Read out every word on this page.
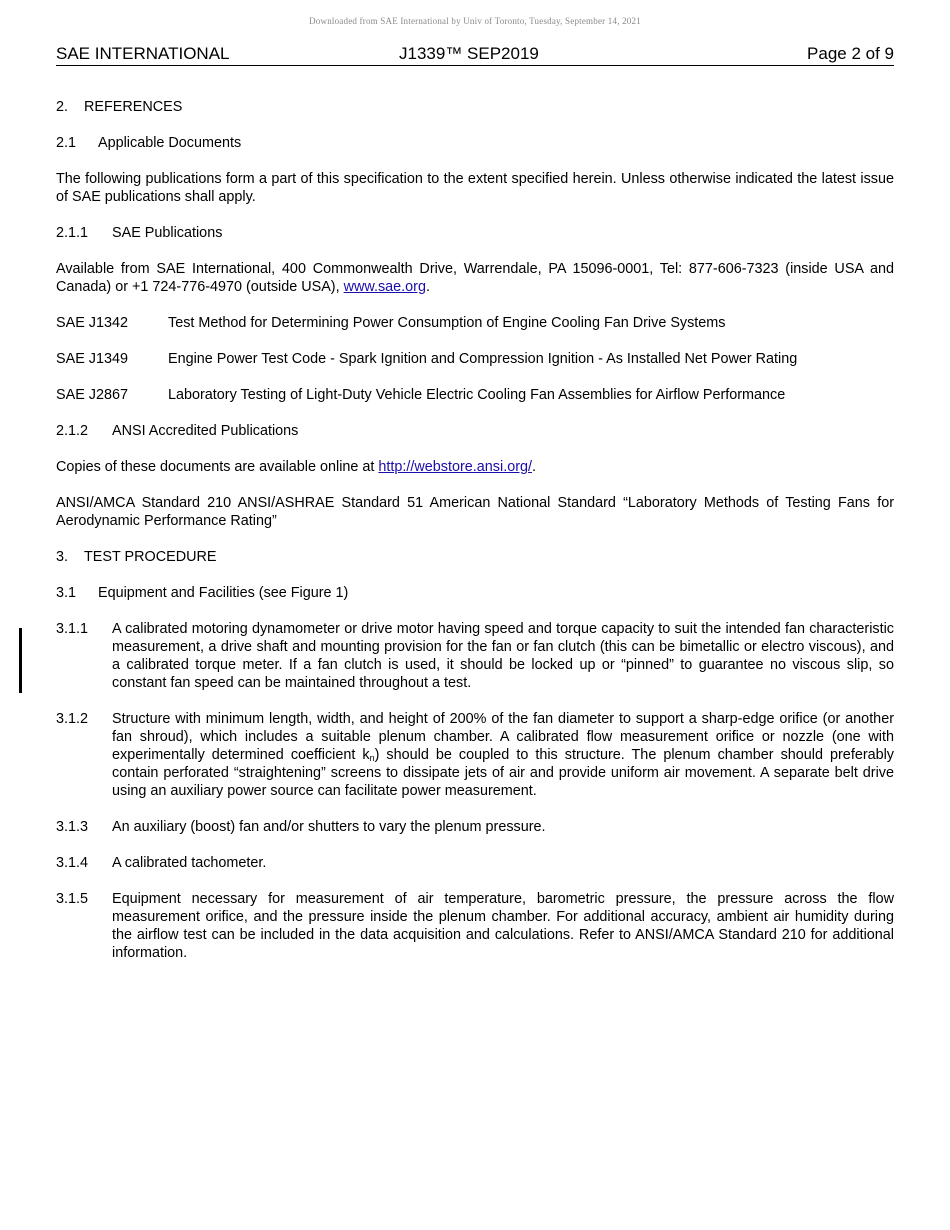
Downloaded from SAE International by Univ of Toronto, Tuesday, September 14, 2021
SAE INTERNATIONAL	J1339™ SEP2019	Page 2 of 9

2. REFERENCES

2.1 Applicable Documents

The following publications form a part of this specification to the extent specified herein. Unless otherwise indicated the latest issue of SAE publications shall apply.

2.1.1 SAE Publications

Available from SAE International, 400 Commonwealth Drive, Warrendale, PA 15096-0001, Tel: 877-606-7323 (inside USA and Canada) or +1 724-776-4970 (outside USA), www.sae.org.

SAE J1342	Test Method for Determining Power Consumption of Engine Cooling Fan Drive Systems
SAE J1349	Engine Power Test Code - Spark Ignition and Compression Ignition - As Installed Net Power Rating
SAE J2867	Laboratory Testing of Light-Duty Vehicle Electric Cooling Fan Assemblies for Airflow Performance

2.1.2 ANSI Accredited Publications

Copies of these documents are available online at http://webstore.ansi.org/.

ANSI/AMCA Standard 210 ANSI/ASHRAE Standard 51 American National Standard “Laboratory Methods of Testing Fans for Aerodynamic Performance Rating”

3. TEST PROCEDURE

3.1 Equipment and Facilities (see Figure 1)

3.1.1	A calibrated motoring dynamometer or drive motor having speed and torque capacity to suit the intended fan characteristic measurement, a drive shaft and mounting provision for the fan or fan clutch (this can be bimetallic or electro viscous), and a calibrated torque meter. If a fan clutch is used, it should be locked up or “pinned” to guarantee no viscous slip, so constant fan speed can be maintained throughout a test.
3.1.2	Structure with minimum length, width, and height of 200% of the fan diameter to support a sharp-edge orifice (or another fan shroud), which includes a suitable plenum chamber. A calibrated flow measurement orifice or nozzle (one with experimentally determined coefficient $k_n$) should be coupled to this structure. The plenum chamber should preferably contain perforated “straightening” screens to dissipate jets of air and provide uniform air movement. A separate belt drive using an auxiliary power source can facilitate power measurement.
3.1.3	An auxiliary (boost) fan and/or shutters to vary the plenum pressure.
3.1.4	A calibrated tachometer.
3.1.5	Equipment necessary for measurement of air temperature, barometric pressure, the pressure across the flow measurement orifice, and the pressure inside the plenum chamber. For additional accuracy, ambient air humidity during the airflow test can be included in the data acquisition and calculations. Refer to ANSI/AMCA Standard 210 for additional information.
